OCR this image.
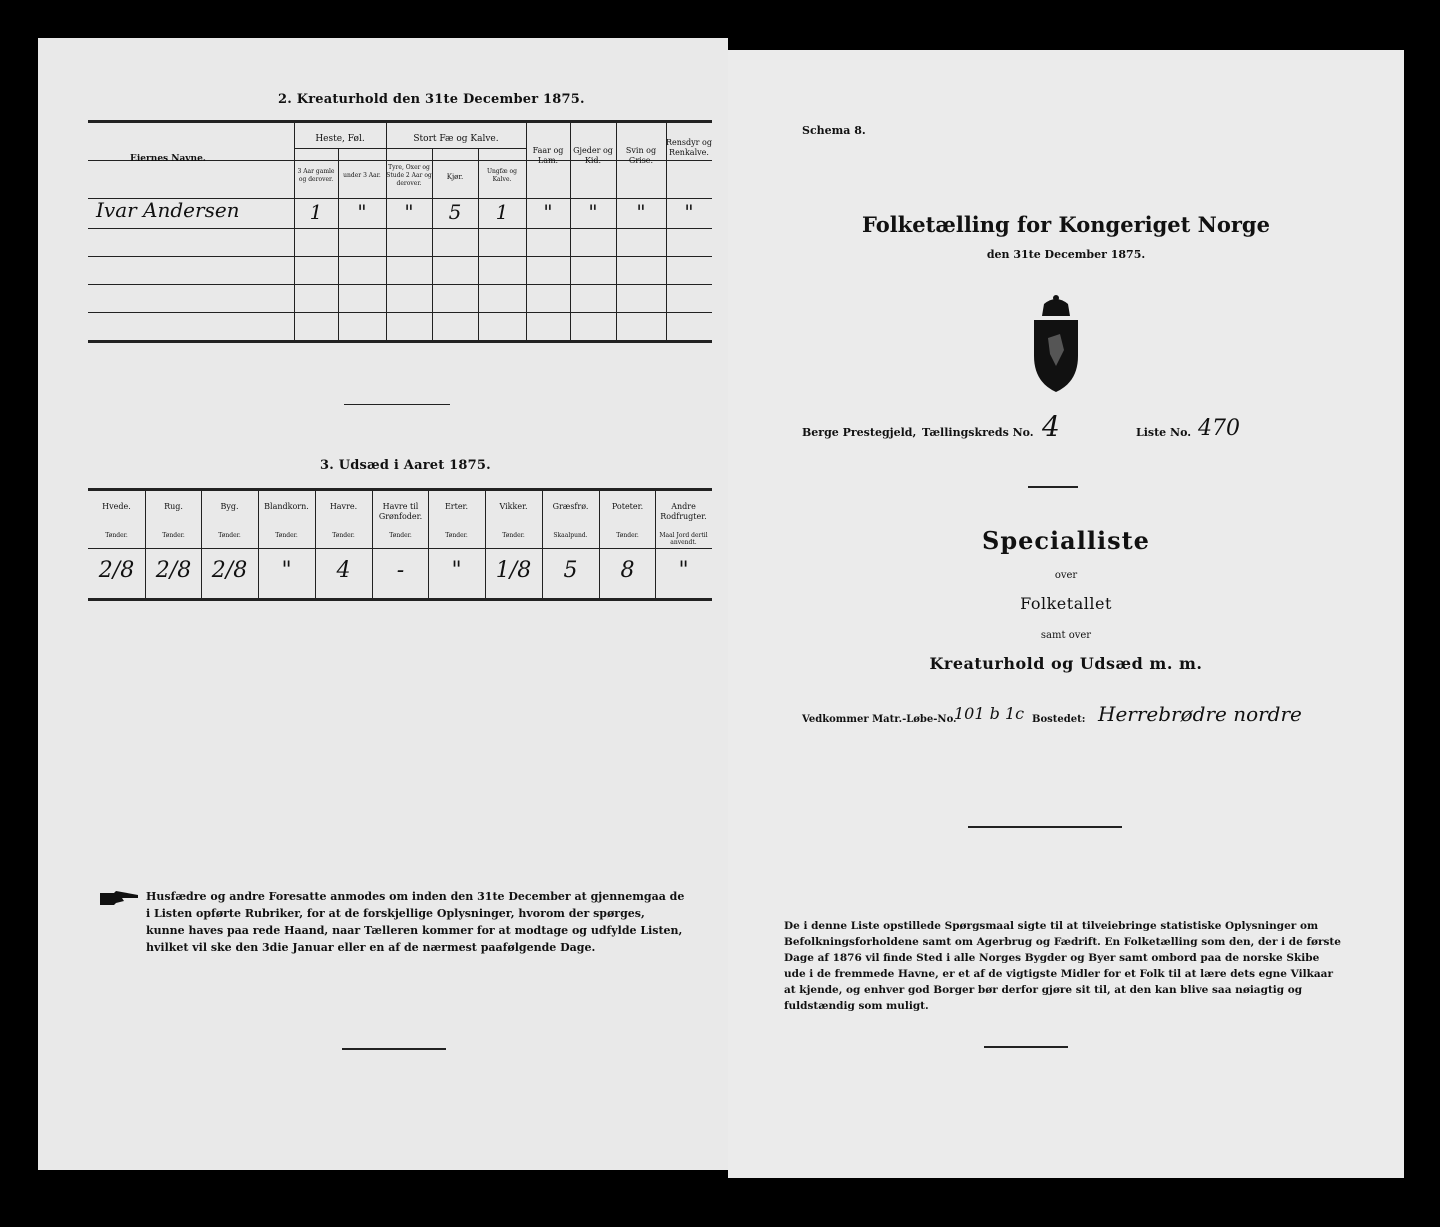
2. Kreaturhold den 31te December 1875.
Eiernes Navne.
Heste, Føl.
3 Aar gamle og derover.
under 3 Aar.
Stort Fæ og Kalve.
Tyre, Oxer og Stude 2 Aar og derover.
Kjør.
Ungfæ og Kalve.
Faar og Lam.
Gjeder og Kid.
Svin og Grise.
Rensdyr og Renkalve.
Ivar Andersen	1	"	"	5	1	"	"	"	"
3. Udsæd i Aaret 1875.
Hvede.
Tønder.
Rug.
Tønder.
Byg.
Tønder.
Blandkorn.
Tønder.
Havre.
Tønder.
Havre til Grønfoder.
Tønder.
Erter.
Tønder.
Vikker.
Tønder.
Græsfrø.
Skaalpund.
Poteter.
Tønder.
Andre Rodfrugter.
Maal Jord dertil anvendt.
2/8 2/8 2/8	"	4	-	"	1/8	5	8	"
Husfædre og andre Foresatte anmodes om inden den 31te December at gjennemgaa de i Listen opførte Rubriker, for at de forskjellige Oplysninger, hvorom der spørges, kunne haves paa rede Haand, naar Tælleren kommer for at modtage og udfylde Listen, hvilket vil ske den 3die Januar eller en af de nærmest paafølgende Dage.
Schema 8.
Folketælling for Kongeriget Norge
den 31te December 1875.
Berge Prestegjeld, Tællingskreds No. 4	Liste No. 470
Specialliste
over
Folketallet
samt over
Kreaturhold og Udsæd m. m.
Vedkommer Matr.-Løbe-No.
101 b 1c Bostedet: Herrebrødre nordre
De i denne Liste opstillede Spørgsmaal sigte til at tilveiebringe statistiske Oplysninger om Befolkningsforholdene samt om Agerbrug og Fædrift. En Folketælling som den, der i de første Dage af 1876 vil finde Sted i alle Norges Bygder og Byer samt ombord paa de norske Skibe ude i de fremmede Havne, er et af de vigtigste Midler for et Folk til at lære dets egne Vilkaar at kjende, og enhver god Borger bør derfor gjøre sit til, at den kan blive saa nøiagtig og fuldstændig som muligt.
